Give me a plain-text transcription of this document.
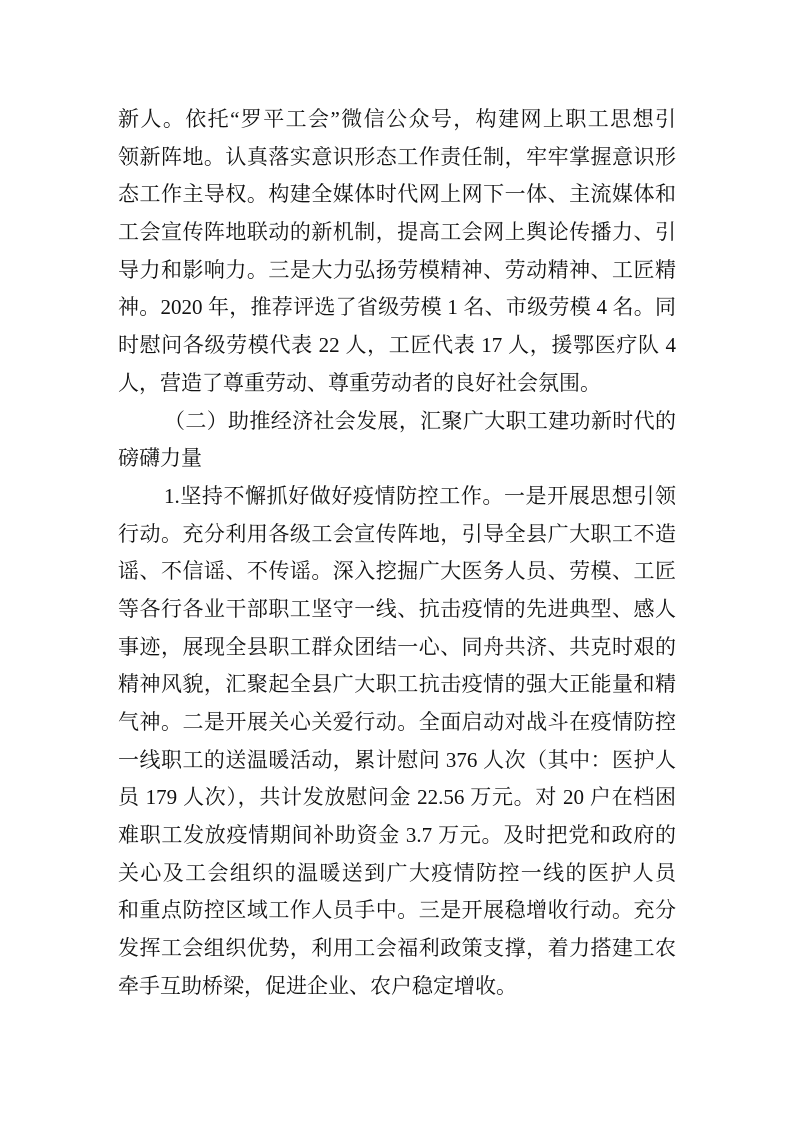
新人。依托“罗平工会”微信公众号，构建网上职工思想引
领新阵地。认真落实意识形态工作责任制，牢牢掌握意识形
态工作主导权。构建全媒体时代网上网下一体、主流媒体和
工会宣传阵地联动的新机制，提高工会网上舆论传播力、引
导力和影响力。三是大力弘扬劳模精神、劳动精神、工匠精
神。2020 年，推荐评选了省级劳模 1 名、市级劳模 4 名。同
时慰问各级劳模代表 22 人，工匠代表 17 人，援鄂医疗队 4
人，营造了尊重劳动、尊重劳动者的良好社会氛围。
（二）助推经济社会发展，汇聚广大职工建功新时代的
磅礴力量
1.坚持不懈抓好做好疫情防控工作。一是开展思想引领
行动。充分利用各级工会宣传阵地，引导全县广大职工不造
谣、不信谣、不传谣。深入挖掘广大医务人员、劳模、工匠
等各行各业干部职工坚守一线、抗击疫情的先进典型、感人
事迹，展现全县职工群众团结一心、同舟共济、共克时艰的
精神风貌，汇聚起全县广大职工抗击疫情的强大正能量和精
气神。二是开展关心关爱行动。全面启动对战斗在疫情防控
一线职工的送温暖活动，累计慰问 376 人次（其中：医护人
员 179 人次），共计发放慰问金 22.56 万元。对 20 户在档困
难职工发放疫情期间补助资金 3.7 万元。及时把党和政府的
关心及工会组织的温暖送到广大疫情防控一线的医护人员
和重点防控区域工作人员手中。三是开展稳增收行动。充分
发挥工会组织优势，利用工会福利政策支撑，着力搭建工农
牵手互助桥梁，促进企业、农户稳定增收。
